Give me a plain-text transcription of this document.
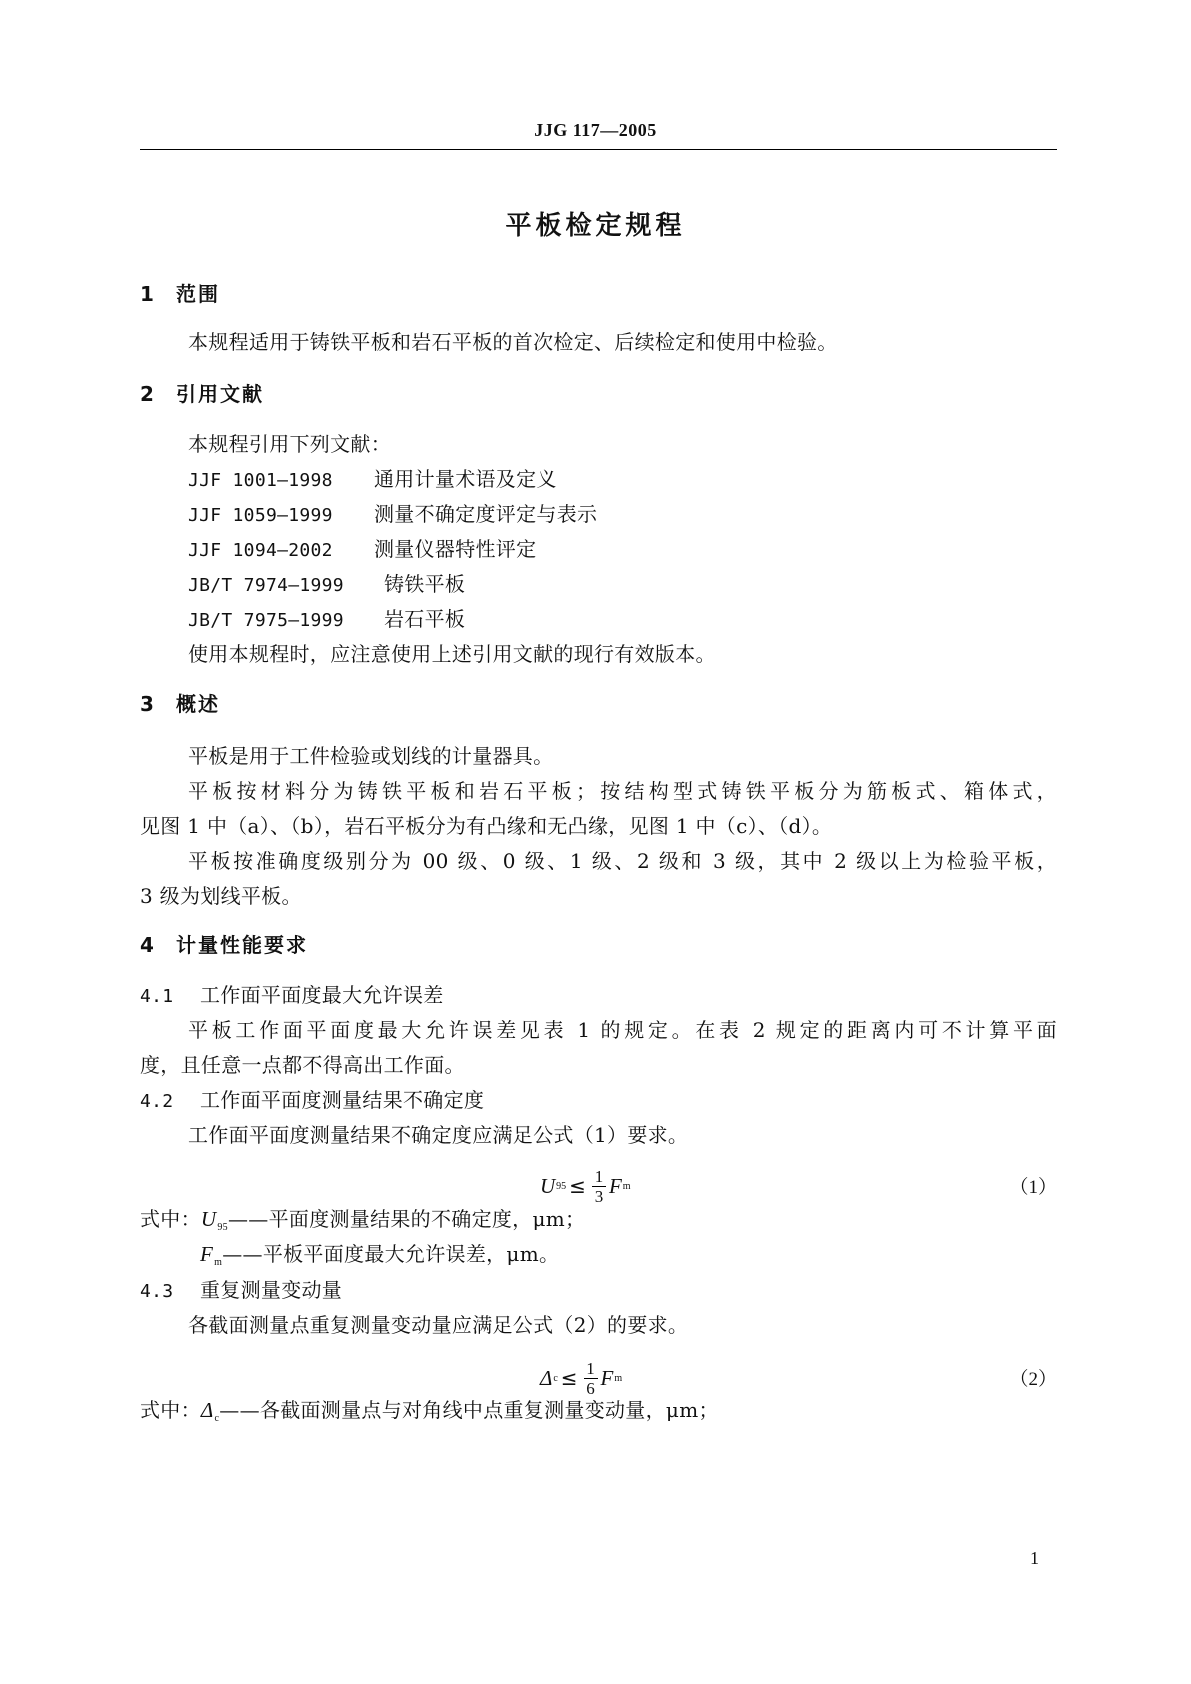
JJG 117—2005
平板检定规程
1 范围
本规程适用于铸铁平板和岩石平板的首次检定、后续检定和使用中检验。
2 引用文献
本规程引用下列文献：
JJF 1001—1998 通用计量术语及定义
JJF 1059—1999 测量不确定度评定与表示
JJF 1094—2002 测量仪器特性评定
JB/T 7974—1999 铸铁平板
JB/T 7975—1999 岩石平板
使用本规程时，应注意使用上述引用文献的现行有效版本。
3 概述
平板是用于工件检验或划线的计量器具。
平板按材料分为铸铁平板和岩石平板；按结构型式铸铁平板分为筋板式、箱体式，
见图 1 中（a）、（b），岩石平板分为有凸缘和无凸缘，见图 1 中（c）、（d）。
平板按准确度级别分为 00 级、0 级、1 级、2 级和 3 级，其中 2 级以上为检验平板，
3 级为划线平板。
4 计量性能要求
4.1 工作面平面度最大允许误差
平板工作面平面度最大允许误差见表 1 的规定。在表 2 规定的距离内可不计算平面
度，且任意一点都不得高出工作面。
4.2 工作面平面度测量结果不确定度
工作面平面度测量结果不确定度应满足公式（1）要求。
U $95 \le \frac{1}{3}$ F m	（1）
式中：$U_{95}——$平面度测量结果的不确定度，μm；
$F_m——$平板平面度最大允许误差，μm。
4.3 重复测量变动量
各截面测量点重复测量变动量应满足公式（2）的要求。
Δ $c \le \frac{1}{6}$ F m	（2）
式中：$\Delta_c——$各截面测量点与对角线中点重复测量变动量，μm；
1
